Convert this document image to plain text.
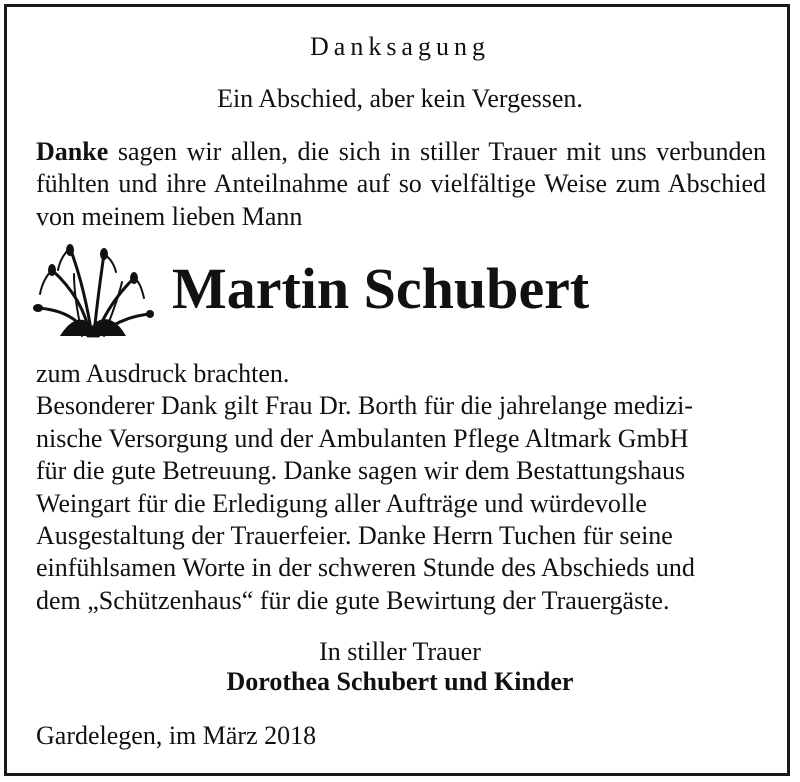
Danksagung
Ein Abschied, aber kein Vergessen.
Danke sagen wir allen, die sich in stiller Trauer mit uns verbunden fühlten und ihre Anteilnahme auf so vielfältige Weise zum Abschied von meinem lieben Mann
Martin Schubert
zum Ausdruck brachten.
Besonderer Dank gilt Frau Dr. Borth für die jahrelange medizi-
nische Versorgung und der Ambulanten Pflege Altmark GmbH
für die gute Betreuung. Danke sagen wir dem Bestattungshaus
Weingart für die Erledigung aller Aufträge und würdevolle
Ausgestaltung der Trauerfeier. Danke Herrn Tuchen für seine
einfühlsamen Worte in der schweren Stunde des Abschieds und
dem „Schützenhaus“ für die gute Bewirtung der Trauergäste.
In stiller Trauer
Dorothea Schubert und Kinder
Gardelegen, im März 2018
